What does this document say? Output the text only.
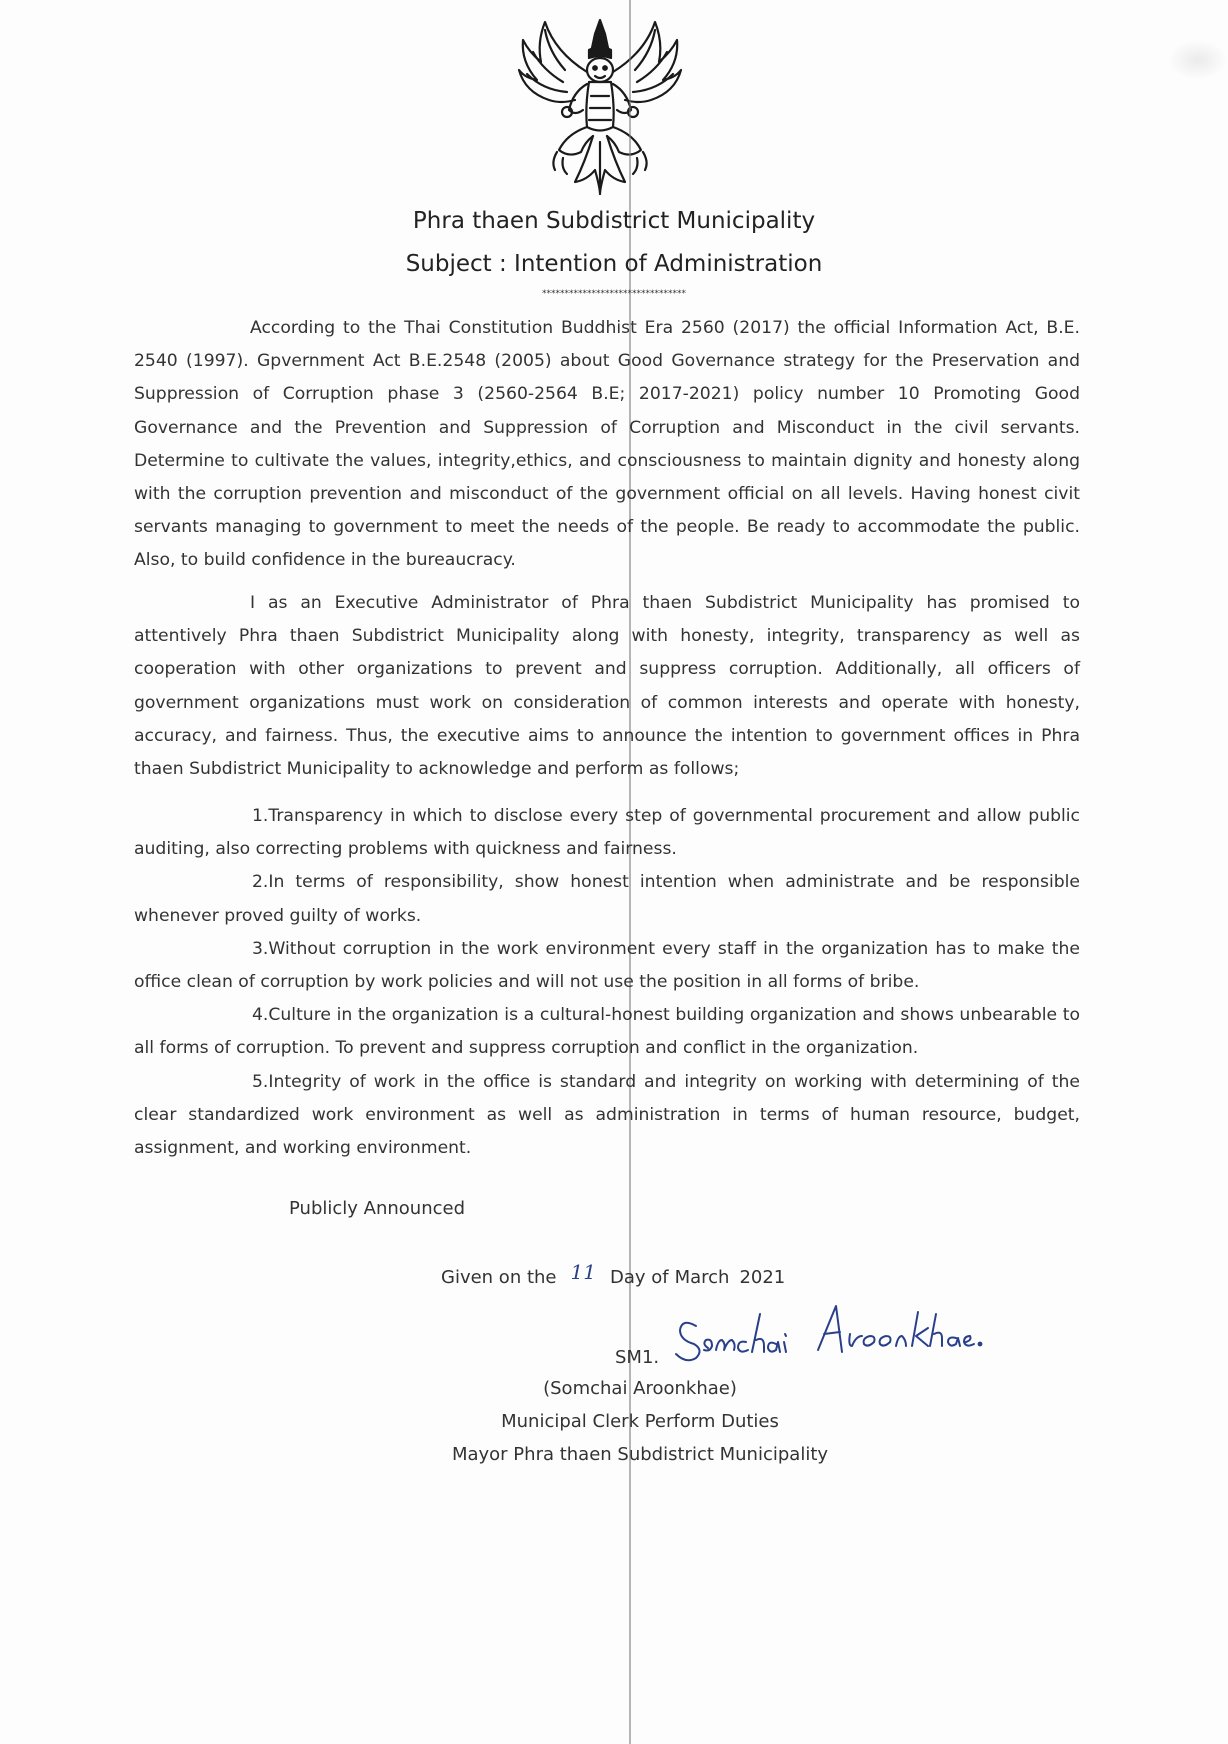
Phra thaen Subdistrict Municipality
Subject : Intention of Administration
********************************
According to the Thai Constitution Buddhist Era 2560 (2017) the official Information Act, B.E. 2540 (1997). Gpvernment Act B.E.2548 (2005) about Good Governance strategy for the Preservation and Suppression of Corruption phase 3 (2560-2564 B.E; 2017-2021) policy number 10 Promoting Good Governance and the Prevention and Suppression of Corruption and Misconduct in the civil servants. Determine to cultivate the values, integrity,ethics, and consciousness to maintain dignity and honesty along with the corruption prevention and misconduct of the government official on all levels. Having honest civit servants managing to government to meet the needs of the people. Be ready to accommodate the public. Also, to build confidence in the bureaucracy.
I as an Executive Administrator of Phra thaen Subdistrict Municipality has promised to attentively Phra thaen Subdistrict Municipality along with honesty, integrity, transparency as well as cooperation with other organizations to prevent and suppress corruption. Additionally, all officers of government organizations must work on consideration of common interests and operate with honesty, accuracy, and fairness. Thus, the executive aims to announce the intention to government offices in Phra thaen Subdistrict Municipality to acknowledge and perform as follows;

1.Transparency in which to disclose every step of governmental procurement and allow public auditing, also correcting problems with quickness and fairness.

2.In terms of responsibility, show honest intention when administrate and be responsible whenever proved guilty of works.

3.Without corruption in the work environment every staff in the organization has to make the office clean of corruption by work policies and will not use the position in all forms of bribe.

4.Culture in the organization is a cultural-honest building organization and shows unbearable to all forms of corruption. To prevent and suppress corruption and conflict in the organization.

5.Integrity of work in the office is standard and integrity on working with determining of the clear standardized work environment as well as administration in terms of human resource, budget, assignment, and working environment.

Publicly Announced
Given on the 11 Day of March 2021
SM1.
(Somchai Aroonkhae)
Municipal Clerk Perform Duties
Mayor Phra thaen Subdistrict Municipality
